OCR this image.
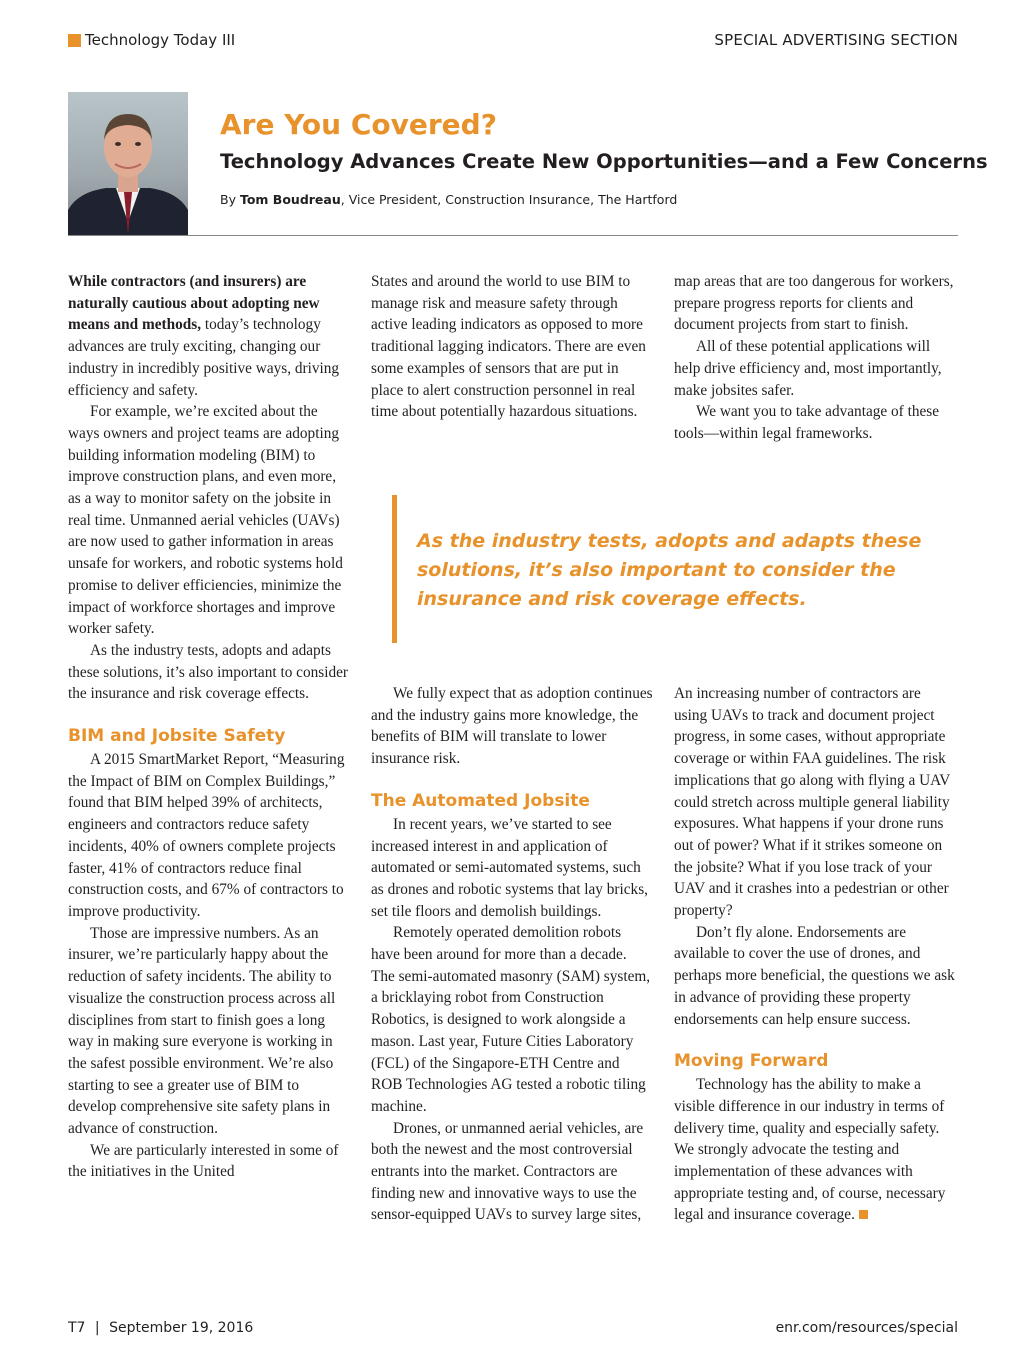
Technology Today III	SPECIAL ADVERTISING SECTION
Are You Covered?
Technology Advances Create New Opportunities—and a Few Concerns
By Tom Boudreau, Vice President, Construction Insurance, The Hartford

While contractors (and insurers) are naturally cautious about adopting new means and methods, today’s technology advances are truly exciting, changing our industry in incredibly positive ways, driving efficiency and safety.

For example, we’re excited about the ways owners and project teams are adopting building information modeling (BIM) to improve construction plans, and even more, as a way to monitor safety on the jobsite in real time. Unmanned aerial vehicles (UAVs) are now used to gather information in areas unsafe for workers, and robotic systems hold promise to deliver efficiencies, minimize the impact of workforce shortages and improve worker safety.

As the industry tests, adopts and adapts these solutions, it’s also important to consider the insurance and risk coverage effects.

BIM and Jobsite Safety

A 2015 SmartMarket Report, “Measuring the Impact of BIM on Complex Buildings,” found that BIM helped 39% of architects, engineers and contractors reduce safety incidents, 40% of owners complete projects faster, 41% of contractors reduce final construction costs, and 67% of contractors to improve productivity.

Those are impressive numbers. As an insurer, we’re particularly happy about the reduction of safety incidents. The ability to visualize the construction process across all disciplines from start to finish goes a long way in making sure everyone is working in the safest possible environment. We’re also starting to see a greater use of BIM to develop comprehensive site safety plans in advance of construction.

We are particularly interested in some of the initiatives in the United

States and around the world to use BIM to manage risk and measure safety through active leading indicators as opposed to more traditional lagging indicators. There are even some examples of sensors that are put in place to alert construction personnel in real time about potentially hazardous situations.

map areas that are too dangerous for workers, prepare progress reports for clients and document projects from start to finish.

All of these potential applications will help drive efficiency and, most importantly, make jobsites safer.

We want you to take advantage of these tools—within legal frameworks.

As the industry tests, adopts and adapts these solutions, it’s also important to consider the insurance and risk coverage effects.

We fully expect that as adoption continues and the industry gains more knowledge, the benefits of BIM will translate to lower insurance risk.

The Automated Jobsite

In recent years, we’ve started to see increased interest in and application of automated or semi-automated systems, such as drones and robotic systems that lay bricks, set tile floors and demolish buildings.

Remotely operated demolition robots have been around for more than a decade. The semi-automated masonry (SAM) system, a bricklaying robot from Construction Robotics, is designed to work alongside a mason. Last year, Future Cities Laboratory (FCL) of the Singapore-ETH Centre and ROB Technologies AG tested a robotic tiling machine.

Drones, or unmanned aerial vehicles, are both the newest and the most controversial entrants into the market. Contractors are finding new and innovative ways to use the sensor-equipped UAVs to survey large sites,

An increasing number of contractors are using UAVs to track and document project progress, in some cases, without appropriate coverage or within FAA guidelines. The risk implications that go along with flying a UAV could stretch across multiple general liability exposures. What happens if your drone runs out of power? What if it strikes someone on the jobsite? What if you lose track of your UAV and it crashes into a pedestrian or other property?

Don’t fly alone. Endorsements are available to cover the use of drones, and perhaps more beneficial, the questions we ask in advance of providing these property endorsements can help ensure success.

Moving Forward

Technology has the ability to make a visible difference in our industry in terms of delivery time, quality and especially safety. We strongly advocate the testing and implementation of these advances with appropriate testing and, of course, necessary legal and insurance coverage.

T7 | September 19, 2016	enr.com/resources/special
